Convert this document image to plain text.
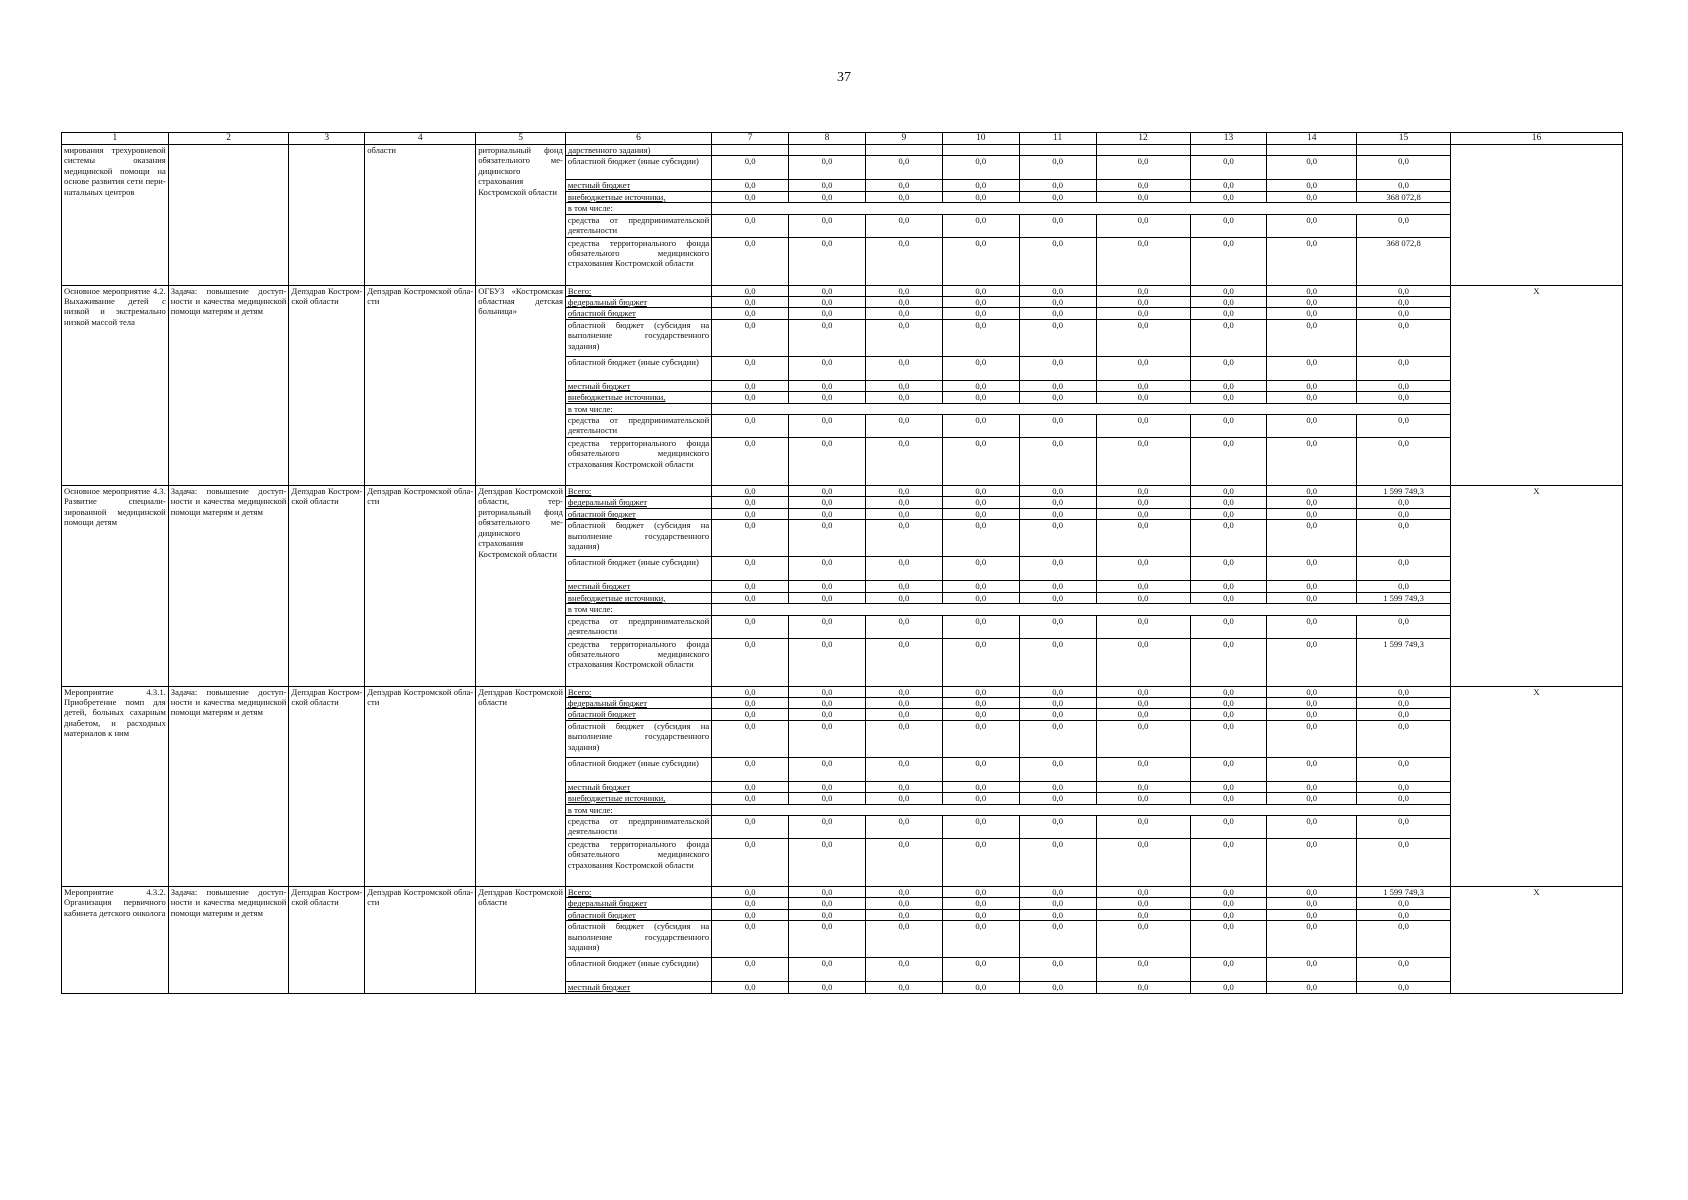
37
1	2	3	4	5	6	7	8	9	10	11	12	13	14	15	16
мирования трехуровневой системы оказания медицинской помощи на основе развития сети перинатальных центров			области	риториальный фонд обязательного медицинского страхования Костромской области	дарственного задания)										
					областной бюджет (иные субсидии)	0,0	0,0	0,0	0,0	0,0	0,0	0,0	0,0	0,0	
					местный бюджет	0,0	0,0	0,0	0,0	0,0	0,0	0,0	0,0	0,0	
					внебюджетные источники,	0,0	0,0	0,0	0,0	0,0	0,0	0,0	0,0	368 072,8	
					в том числе:										
					средства от предпринимательской деятельности	0,0	0,0	0,0	0,0	0,0	0,0	0,0	0,0	0,0	
					средства территориального фонда обязательного медицинского страхования Костромской области	0,0	0,0	0,0	0,0	0,0	0,0	0,0	0,0	368 072,8	
Основное мероприятие 4.2. Выхаживание детей с низкой и экстремально низкой массой тела	Задача: повышение доступности и качества медицинской помощи матерям и детям	Депздрав Костромской области	Депздрав Костромской области	ОГБУЗ «Костромская областная детская больница»	Всего:	0,0	0,0	0,0	0,0	0,0	0,0	0,0	0,0	0,0	X
					федеральный бюджет	0,0	0,0	0,0	0,0	0,0	0,0	0,0	0,0	0,0	
					областной бюджет	0,0	0,0	0,0	0,0	0,0	0,0	0,0	0,0	0,0	
					областной бюджет (субсидия на выполнение государственного задания)	0,0	0,0	0,0	0,0	0,0	0,0	0,0	0,0	0,0	
					областной бюджет (иные субсидии)	0,0	0,0	0,0	0,0	0,0	0,0	0,0	0,0	0,0	
					местный бюджет	0,0	0,0	0,0	0,0	0,0	0,0	0,0	0,0	0,0	
					внебюджетные источники,	0,0	0,0	0,0	0,0	0,0	0,0	0,0	0,0	0,0	
					в том числе:										
					средства от предпринимательской деятельности	0,0	0,0	0,0	0,0	0,0	0,0	0,0	0,0	0,0	
					средства территориального фонда обязательного медицинского страхования Костромской области	0,0	0,0	0,0	0,0	0,0	0,0	0,0	0,0	0,0	
Основное мероприятие 4.3. Развитие специализированной медицинской помощи детям	Задача: повышение доступности и качества медицинской помощи матерям и детям	Депздрав Костромской области	Депздрав Костромской области	Депздрав Костромской области, территориальный фонд обязательного медицинского страхования Костромской области	Всего:	0,0	0,0	0,0	0,0	0,0	0,0	0,0	0,0	1 599 749,3	X
					федеральный бюджет	0,0	0,0	0,0	0,0	0,0	0,0	0,0	0,0	0,0	
					областной бюджет	0,0	0,0	0,0	0,0	0,0	0,0	0,0	0,0	0,0	
					областной бюджет (субсидия на выполнение государственного задания)	0,0	0,0	0,0	0,0	0,0	0,0	0,0	0,0	0,0	
					областной бюджет (иные субсидии)	0,0	0,0	0,0	0,0	0,0	0,0	0,0	0,0	0,0	
					местный бюджет	0,0	0,0	0,0	0,0	0,0	0,0	0,0	0,0	0,0	
					внебюджетные источники,	0,0	0,0	0,0	0,0	0,0	0,0	0,0	0,0	1 599 749,3	
					в том числе:										
					средства от предпринимательской деятельности	0,0	0,0	0,0	0,0	0,0	0,0	0,0	0,0	0,0	
					средства территориального фонда обязательного медицинского страхования Костромской области	0,0	0,0	0,0	0,0	0,0	0,0	0,0	0,0	1 599 749,3	
Мероприятие 4.3.1. Приобретение помп для детей, больных сахарным диабетом, и расходных материалов к ним	Задача: повышение доступности и качества медицинской помощи матерям и детям	Депздрав Костромской области	Депздрав Костромской области	Депздрав Костромской области	Всего:	0,0	0,0	0,0	0,0	0,0	0,0	0,0	0,0	0,0	X
					федеральный бюджет	0,0	0,0	0,0	0,0	0,0	0,0	0,0	0,0	0,0	
					областной бюджет	0,0	0,0	0,0	0,0	0,0	0,0	0,0	0,0	0,0	
					областной бюджет (субсидия на выполнение государственного задания)	0,0	0,0	0,0	0,0	0,0	0,0	0,0	0,0	0,0	
					областной бюджет (иные субсидии)	0,0	0,0	0,0	0,0	0,0	0,0	0,0	0,0	0,0	
					местный бюджет	0,0	0,0	0,0	0,0	0,0	0,0	0,0	0,0	0,0	
					внебюджетные источники,	0,0	0,0	0,0	0,0	0,0	0,0	0,0	0,0	0,0	
					в том числе:										
					средства от предпринимательской деятельности	0,0	0,0	0,0	0,0	0,0	0,0	0,0	0,0	0,0	
					средства территориального фонда обязательного медицинского страхования Костромской области	0,0	0,0	0,0	0,0	0,0	0,0	0,0	0,0	0,0	
Мероприятие 4.3.2. Организация первичного кабинета детского онколога	Задача: повышение доступности и качества медицинской помощи матерям и детям	Депздрав Костромской области	Депздрав Костромской области	Депздрав Костромской области	Всего:	0,0	0,0	0,0	0,0	0,0	0,0	0,0	0,0	1 599 749,3	X
					федеральный бюджет	0,0	0,0	0,0	0,0	0,0	0,0	0,0	0,0	0,0	
					областной бюджет	0,0	0,0	0,0	0,0	0,0	0,0	0,0	0,0	0,0	
					областной бюджет (субсидия на выполнение государственного задания)	0,0	0,0	0,0	0,0	0,0	0,0	0,0	0,0	0,0	
					областной бюджет (иные субсидии)	0,0	0,0	0,0	0,0	0,0	0,0	0,0	0,0	0,0	
					местный бюджет	0,0	0,0	0,0	0,0	0,0	0,0	0,0	0,0	0,0	
